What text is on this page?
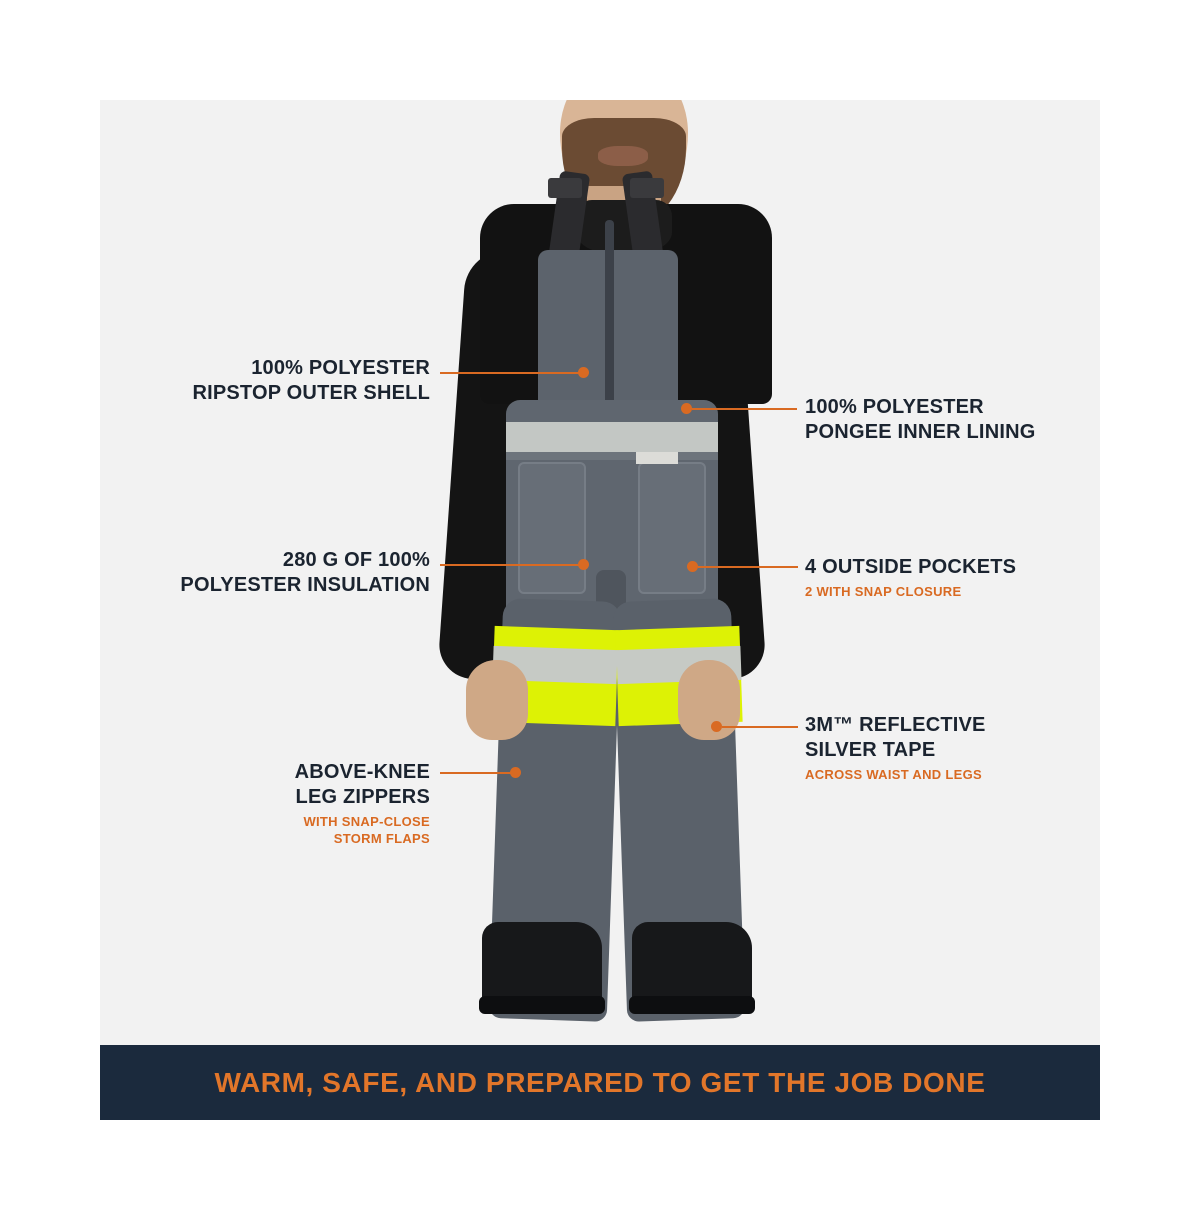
100% POLYESTER
RIPSTOP OUTER SHELL
100% POLYESTER
PONGEE INNER LINING
280 G OF 100%
POLYESTER INSULATION
4 OUTSIDE POCKETS
2 WITH SNAP CLOSURE
3M™ REFLECTIVE
SILVER TAPE
ACROSS WAIST AND LEGS
ABOVE-KNEE
LEG ZIPPERS
WITH SNAP-CLOSE
STORM FLAPS
WARM, SAFE, AND PREPARED TO GET THE JOB DONE
